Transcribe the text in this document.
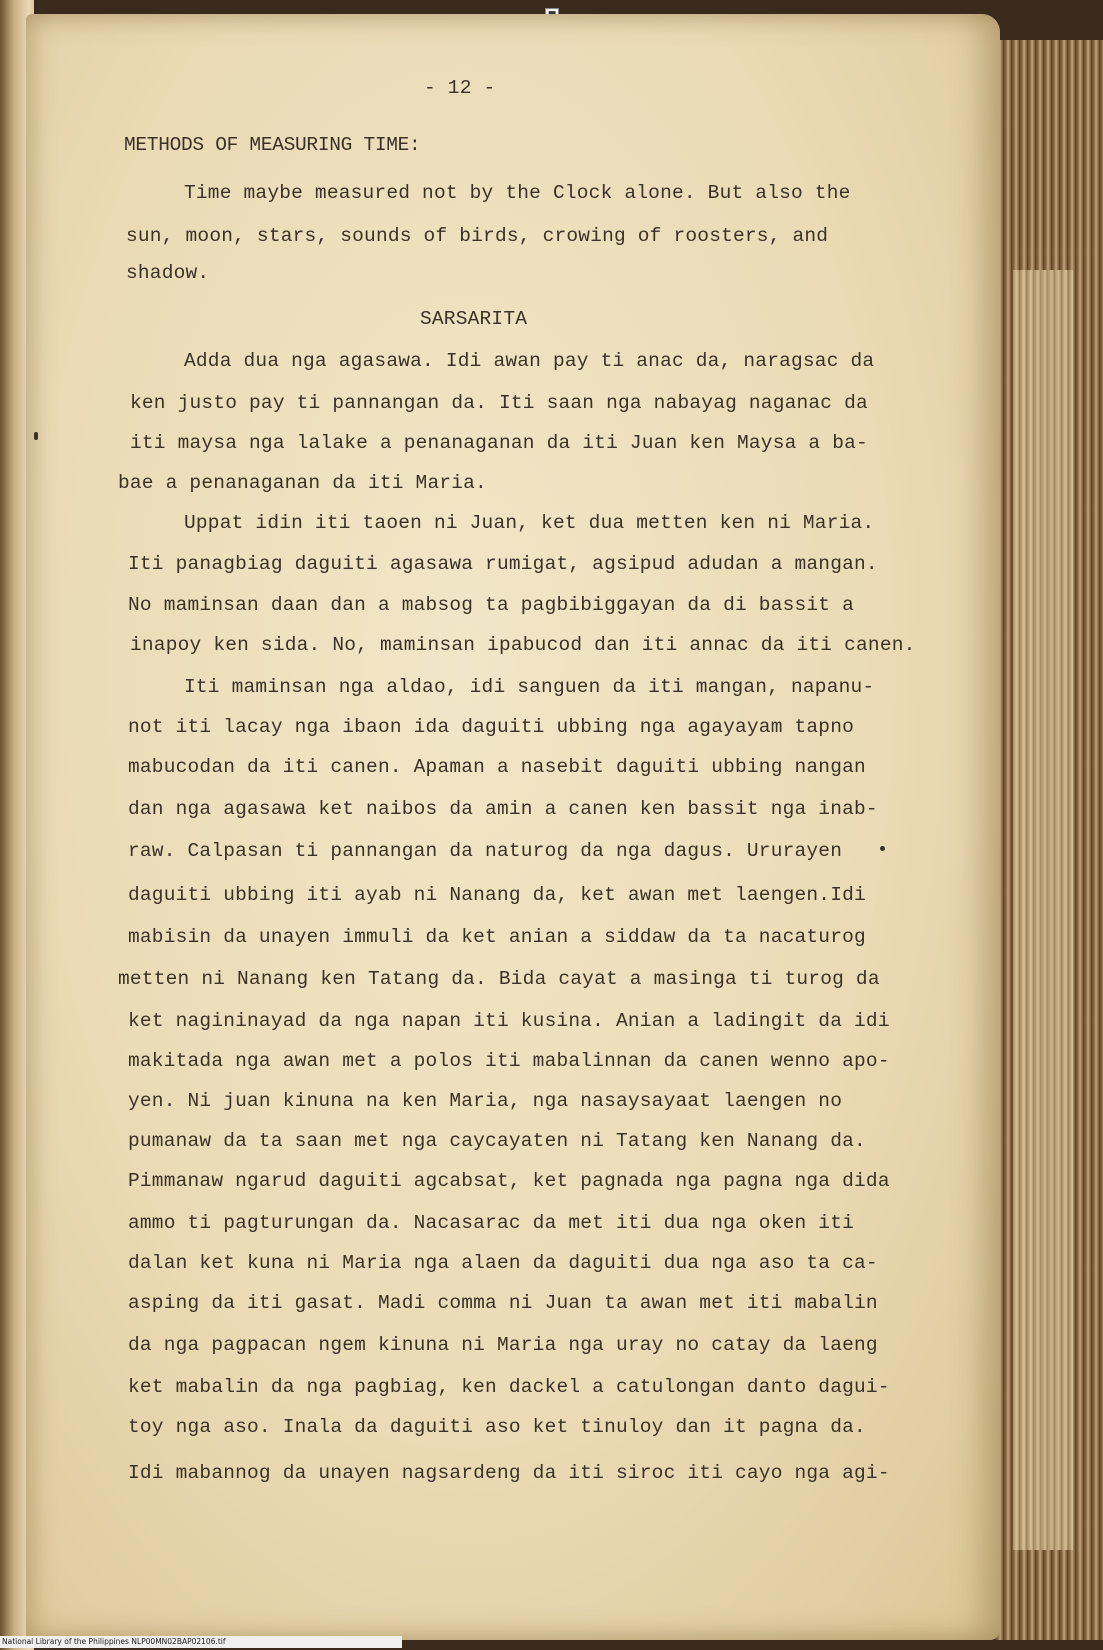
- 12 -
METHODS OF MEASURING TIME:
Time maybe measured not by the Clock alone. But also the
sun, moon, stars, sounds of birds, crowing of roosters, and
shadow.
SARSARITA
Adda dua nga agasawa. Idi awan pay ti anac da, naragsac da
ken justo pay ti pannangan da. Iti saan nga nabayag naganac da
iti maysa nga lalake a penanaganan da iti Juan ken Maysa a ba-
bae a penanaganan da iti Maria.
Uppat idin iti taoen ni Juan, ket dua metten ken ni Maria.
Iti panagbiag daguiti agasawa rumigat, agsipud adudan a mangan.
No maminsan daan dan a mabsog ta pagbibiggayan da di bassit a
inapoy ken sida. No, maminsan ipabucod dan iti annac da iti canen.
Iti maminsan nga aldao, idi sanguen da iti mangan, napanu-
not iti lacay nga ibaon ida daguiti ubbing nga agayayam tapno
mabucodan da iti canen. Apaman a nasebit daguiti ubbing nangan
dan nga agasawa ket naibos da amin a canen ken bassit nga inab-
raw. Calpasan ti pannangan da naturog da nga dagus. Ururayen
daguiti ubbing iti ayab ni Nanang da, ket awan met laengen.Idi
mabisin da unayen immuli da ket anian a siddaw da ta nacaturog
metten ni Nanang ken Tatang da. Bida cayat a masinga ti turog da
ket nagininayad da nga napan iti kusina. Anian a ladingit da idi
makitada nga awan met a polos iti mabalinnan da canen wenno apo-
yen. Ni juan kinuna na ken Maria, nga nasaysayaat laengen no
pumanaw da ta saan met nga caycayaten ni Tatang ken Nanang da.
Pimmanaw ngarud daguiti agcabsat, ket pagnada nga pagna nga dida
ammo ti pagturungan da. Nacasarac da met iti dua nga oken iti
dalan ket kuna ni Maria nga alaen da daguiti dua nga aso ta ca-
asping da iti gasat. Madi comma ni Juan ta awan met iti mabalin
da nga pagpacan ngem kinuna ni Maria nga uray no catay da laeng
ket mabalin da nga pagbiag, ken dackel a catulongan danto dagui-
toy nga aso. Inala da daguiti aso ket tinuloy dan it pagna da.
Idi mabannog da unayen nagsardeng da iti siroc iti cayo nga agi-
National Library of the Philippines NLP00MN02BAP02106.tif
